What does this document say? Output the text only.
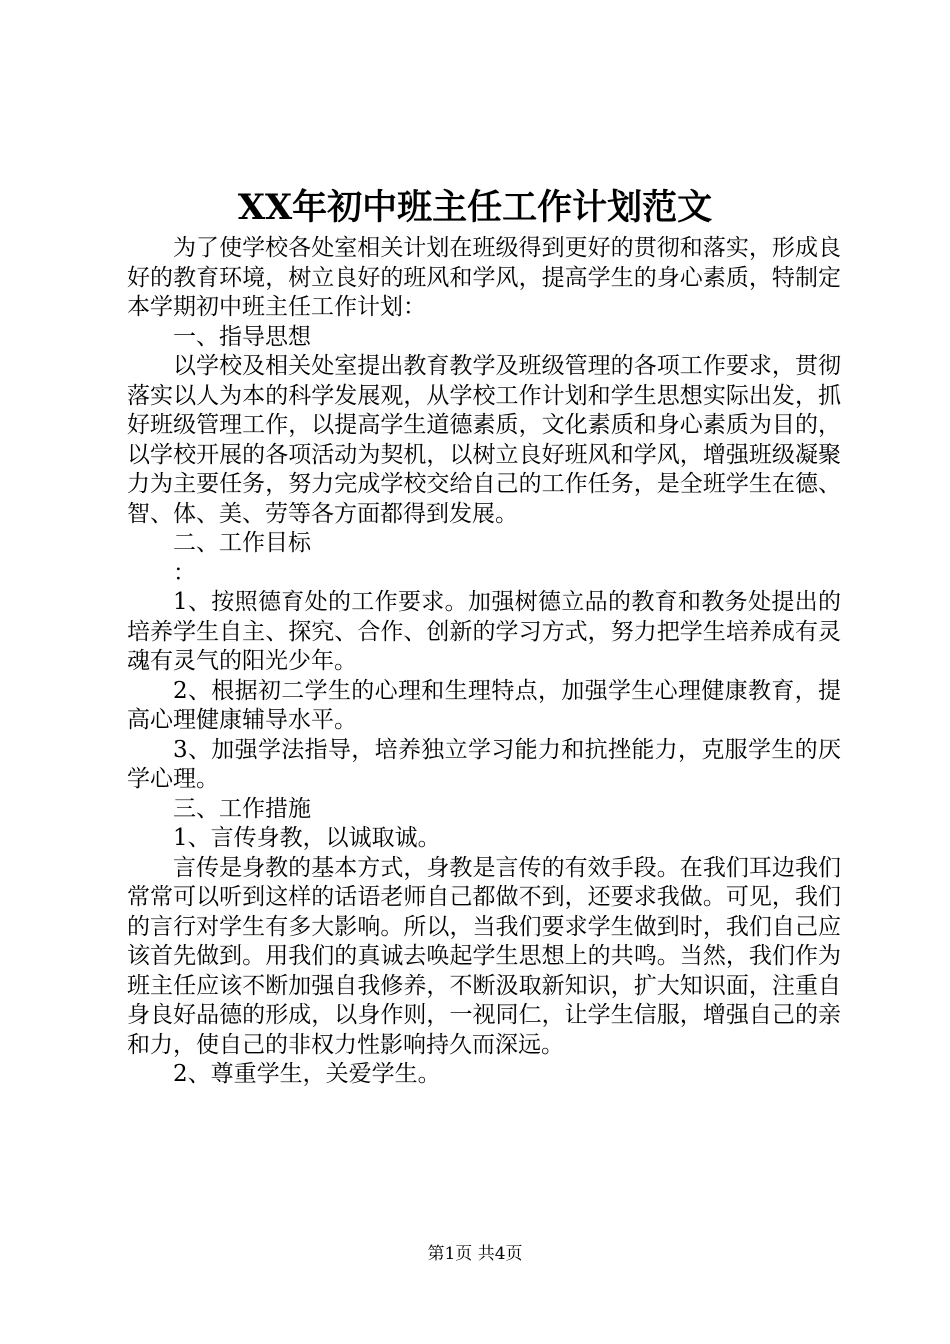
XX年初中班主任工作计划范文

为了使学校各处室相关计划在班级得到更好的贯彻和落实，形成良好的教育环境，树立良好的班风和学风，提高学生的身心素质，特制定本学期初中班主任工作计划：

一、指导思想

以学校及相关处室提出教育教学及班级管理的各项工作要求，贯彻落实以人为本的科学发展观，从学校工作计划和学生思想实际出发，抓好班级管理工作，以提高学生道德素质，文化素质和身心素质为目的，以学校开展的各项活动为契机，以树立良好班风和学风，增强班级凝聚力为主要任务，努力完成学校交给自己的工作任务，是全班学生在德、智、体、美、劳等各方面都得到发展。

二、工作目标

：

1、按照德育处的工作要求。加强树德立品的教育和教务处提出的培养学生自主、探究、合作、创新的学习方式，努力把学生培养成有灵魂有灵气的阳光少年。

2、根据初二学生的心理和生理特点，加强学生心理健康教育，提高心理健康辅导水平。

3、加强学法指导，培养独立学习能力和抗挫能力，克服学生的厌学心理。

三、工作措施

1、言传身教，以诚取诚。

言传是身教的基本方式，身教是言传的有效手段。在我们耳边我们常常可以听到这样的话语老师自己都做不到，还要求我做。可见，我们的言行对学生有多大影响。所以，当我们要求学生做到时，我们自己应该首先做到。用我们的真诚去唤起学生思想上的共鸣。当然，我们作为班主任应该不断加强自我修养，不断汲取新知识，扩大知识面，注重自身良好品德的形成，以身作则，一视同仁，让学生信服，增强自己的亲和力，使自己的非权力性影响持久而深远。

2、尊重学生，关爱学生。

第1页 共4页
